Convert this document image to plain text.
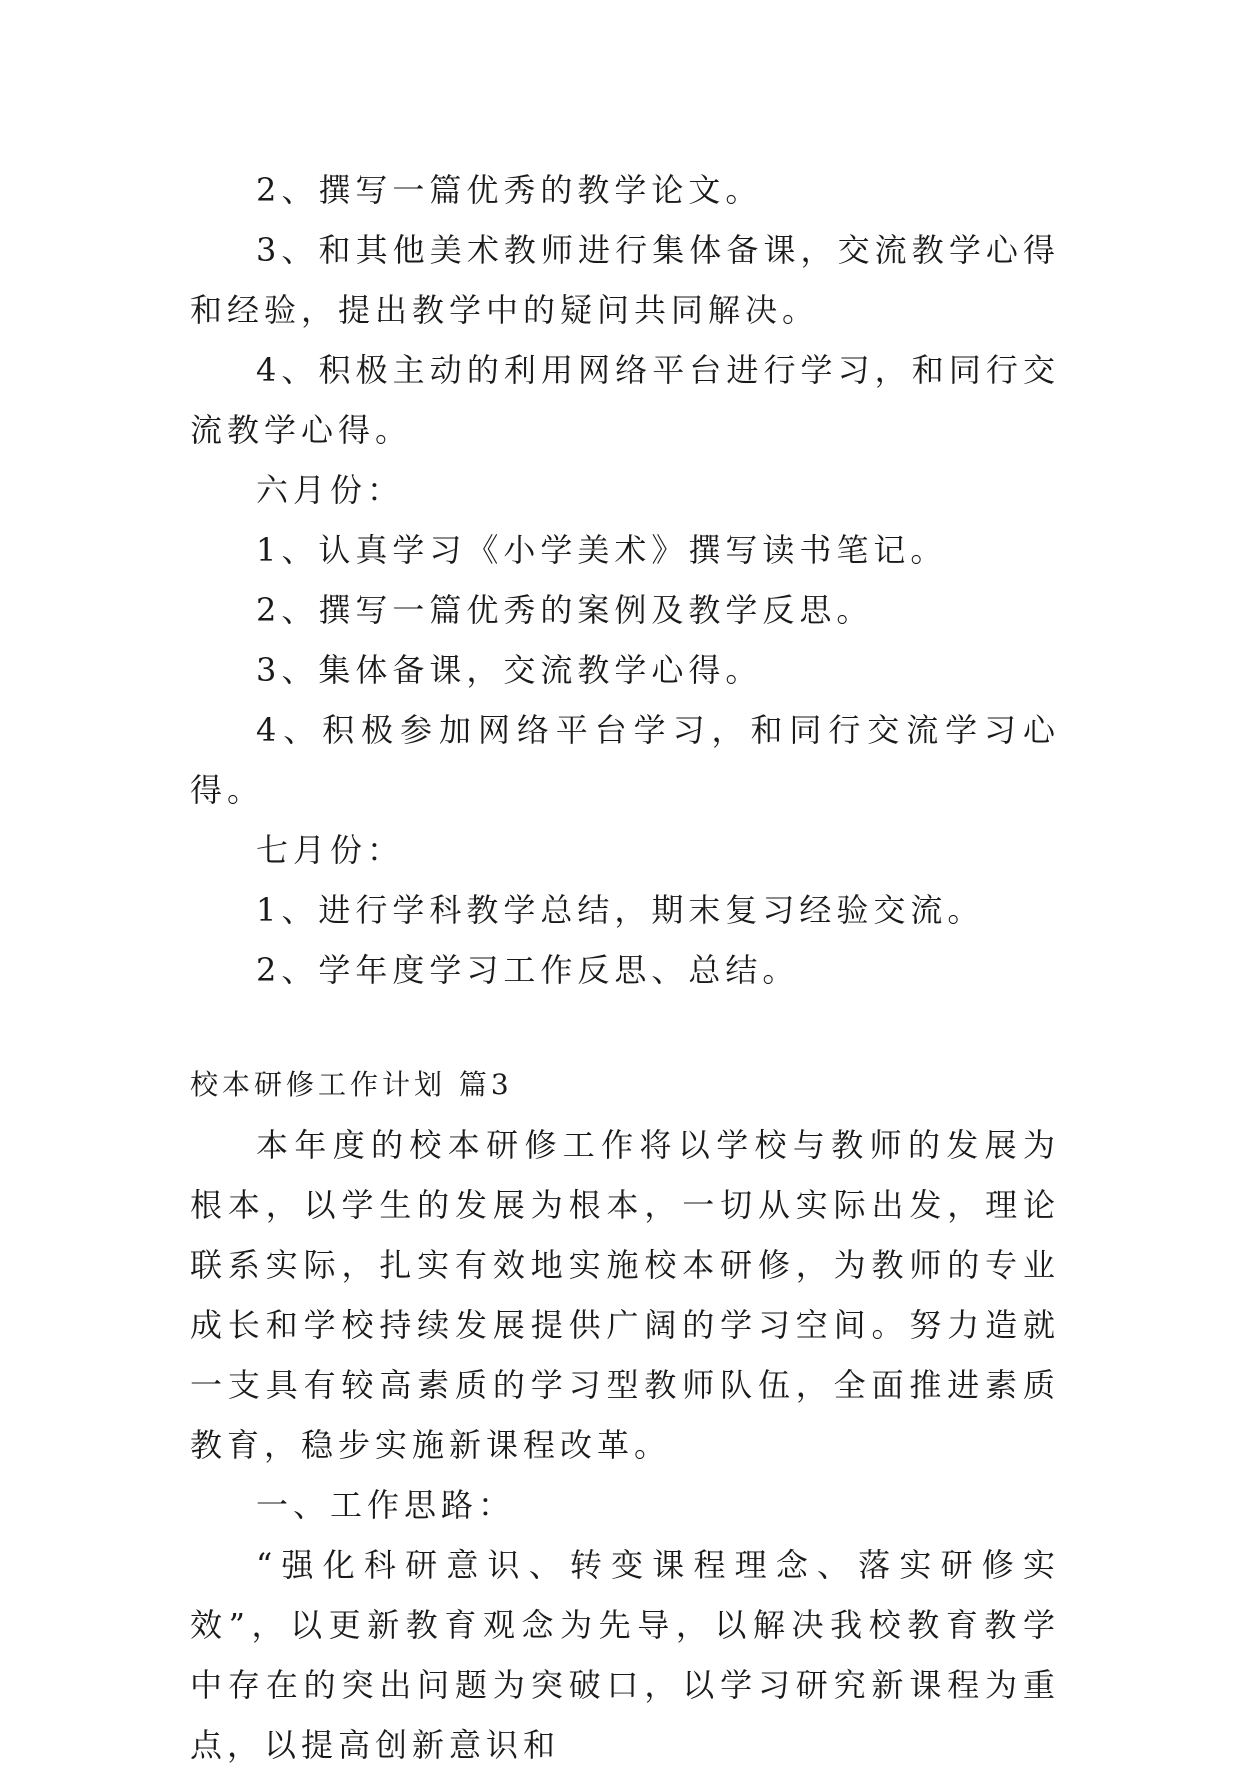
2、撰写一篇优秀的教学论文。

3、和其他美术教师进行集体备课，交流教学心得和经验，提出教学中的疑问共同解决。

4、积极主动的利用网络平台进行学习，和同行交流教学心得。

六月份：

1、认真学习《小学美术》撰写读书笔记。

2、撰写一篇优秀的案例及教学反思。

3、集体备课，交流教学心得。

4、积极参加网络平台学习，和同行交流学习心得。

七月份：

1、进行学科教学总结，期末复习经验交流。

2、学年度学习工作反思、总结。

校本研修工作计划 篇3

本年度的校本研修工作将以学校与教师的发展为根本，以学生的发展为根本，一切从实际出发，理论联系实际，扎实有效地实施校本研修，为教师的专业成长和学校持续发展提供广阔的学习空间。努力造就一支具有较高素质的学习型教师队伍，全面推进素质教育，稳步实施新课程改革。

一、工作思路：

“强化科研意识、转变课程理念、落实研修实效”，以更新教育观念为先导，以解决我校教育教学中存在的突出问题为突破口，以学习研究新课程为重点，以提高创新意识和
